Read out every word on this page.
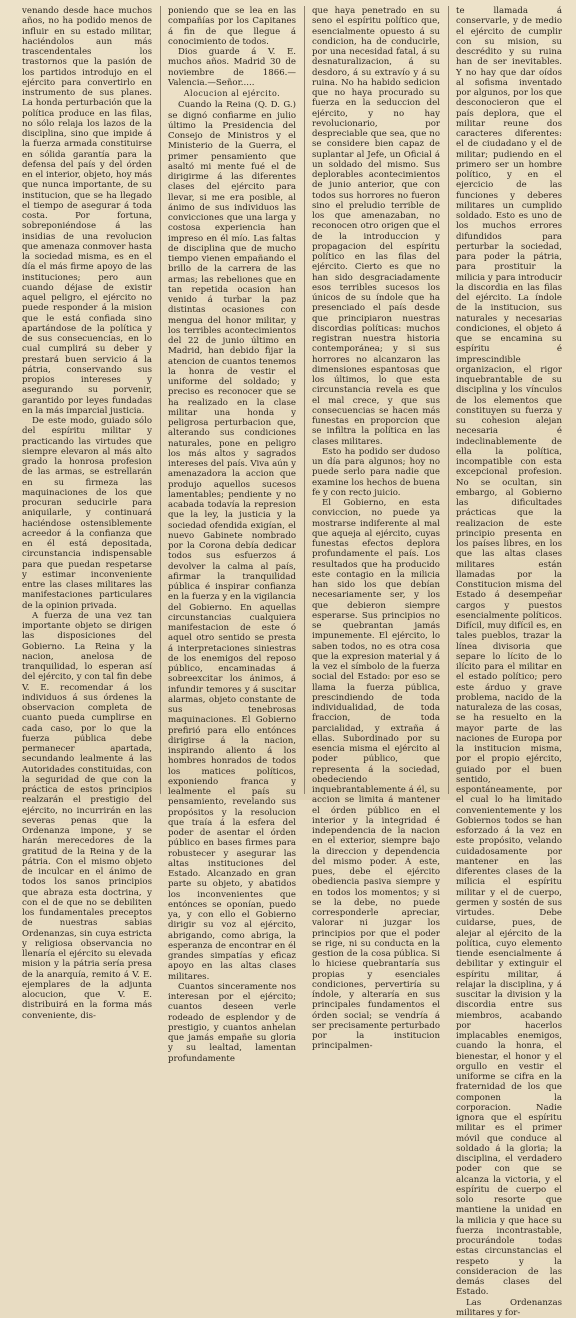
venando desde hace muchos años, no ha podido menos de influir en su estado militar, haciéndolos aun más trascendentales los trastornos que la pasión de los partidos introdujo en el ejército para convertirlo en instrumento de sus planes. La honda perturbación que la política produce en las filas, no sólo relaja los lazos de la disciplina, sino que impide á la fuerza armada constituirse en sólida garantía para la defensa del país y del órden en el interior, objeto, hoy más que nunca importante, de su institucion, que se ha llegado el tiempo de asegurar á toda costa. Por fortuna, sobreponiéndose á las insidias de una revolucion que amenaza conmover hasta la sociedad misma, es en el día el más firme apoyo de las instituciones; pero aun cuando déjase de existir aquel peligro, el ejército no puede responder á la mision que le está confiada sino apartándose de la política y de sus consecuencias, en lo cual cumplirá su deber y prestará buen servicio á la pátria, conservando sus propios intereses y asegurando su porvenir, garantido por leyes fundadas en la más imparcial justicia.

De este modo, guiado sólo del espíritu militar y practicando las virtudes que siempre elevaron al más alto grado la honrosa profesion de las armas, se estrellarán en su firmeza las maquinaciones de los que procuran seducirle para aniquilarle, y continuará haciéndose ostensiblemente acreedor á la confianza que en él está depositada, circunstancia indispensable para que puedan respetarse y estimar inconveniente entre las clases militares las manifestaciones particulares de la opinion privada.

A fuerza de una vez tan importante objeto se dirigen las disposiciones del Gobierno. La Reina y la nacion, anelosa de tranquilidad, lo esperan así del ejército, y con tal fin debe V. E. recomendar á los individuos á sus órdenes la observacion completa de cuanto pueda cumplirse en cada caso, por lo que la fuerza pública debe permanecer apartada, secundando lealmente á las Autoridades constituidas, con la seguridad de que con la práctica de estos principios realzarán el prestigio del ejército, no incurrirán en las severas penas que la Ordenanza impone, y se harán merecedores de la gratitud de la Reina y de la pátria. Con el mismo objeto de inculcar en el ánimo de todos los sanos principios que abraza esta doctrina, y con el de que no se debiliten los fundamentales preceptos de nuestras sabias Ordenanzas, sin cuya estricta y religiosa observancia no llenaría el ejército su elevada mision y la pátria sería presa de la anarquía, remito á V. E. ejemplares de la adjunta alocucion, que V. E. distribuirá en la forma más conveniente, dis-

poniendo que se lea en las compañías por los Capitanes á fin de que llegue á conocimiento de todos.

Dios guarde á V. E. muchos años. Madrid 30 de noviembre de 1866.—Valencia.—Señor.....

Alocucion al ejército.

Cuando la Reina (Q. D. G.) se dignó confiarme en julio último la Presidencia del Consejo de Ministros y el Ministerio de la Guerra, el primer pensamiento que asaltó mi mente fué el de dirigirme á las diferentes clases del ejército para llevar, si me era posible, al ánimo de sus individuos las convicciones que una larga y costosa experiencia han impreso en él mío. Las faltas de disciplina que de mucho tiempo vienen empañando el brillo de la carrera de las armas; las rebeliones que en tan repetida ocasion han venido á turbar la paz distintas ocasiones con mengua del honor militar, y los terribles acontecimientos del 22 de junio último en Madrid, han debido fijar la atencion de cuantos tenemos la honra de vestir el uniforme del soldado; y preciso es reconocer que se ha realizado en la clase militar una honda y peligrosa perturbacion que, alterando sus condiciones naturales, pone en peligro los más altos y sagrados intereses del país. Viva aún y amenazadora la accion que produjo aquellos sucesos lamentables; pendiente y no acabada todavía la represion que la ley, la justicia y la sociedad ofendida exigían, el nuevo Gabinete nombrado por la Corona debía dedicar todos sus esfuerzos á devolver la calma al país, afirmar la tranquilidad pública é inspirar confianza en la fuerza y en la vigilancia del Gobierno. En aquellas circunstancias cualquiera manifestacion de este ó aquel otro sentido se presta á interpretaciones siniestras de los enemigos del reposo público, encaminadas á sobreexcitar los ánimos, á infundir temores y á suscitar alarmas, objeto constante de sus tenebrosas maquinaciones. El Gobierno prefirió para ello entónces dirigirse á la nacion, inspirando aliento á los hombres honrados de todos los matices políticos, exponiendo franca y lealmente el país su pensamiento, revelando sus propósitos y la resolucion que traía á la esfera del poder de asentar el órden público en bases firmes para robustecer y asegurar las altas instituciones del Estado. Alcanzado en gran parte su objeto, y abatidos los inconvenientes que entónces se oponían, puedo ya, y con ello el Gobierno dirigir su voz al ejército, abrigando, como abriga, la esperanza de encontrar en él grandes simpatías y eficaz apoyo en las altas clases militares.

Cuantos sinceramente nos interesan por el ejército; cuantos deseen verle rodeado de esplendor y de prestigio, y cuantos anhelan que jamás empañe su gloria y su lealtad, lamentan profundamente

que haya penetrado en su seno el espíritu político que, esencialmente opuesto á su condicion, ha de conducirle, por una necesidad fatal, á su desnaturalizacion, á su desdoro, á su extravío y á su ruina. No ha habido sedicion que no haya procurado su fuerza en la seduccion del ejército, y no hay revolucionario, por despreciable que sea, que no se considere bien capaz de suplantar al Jefe, un Oficial á un soldado del mismo. Sus deplorables acontecimientos de junio anterior, que con todos sus horrores no fueron sino el preludio terrible de los que amenazaban, no reconocen otro origen que el de la introduccion y propagacion del espíritu político en las filas del ejército. Cierto es que no han sido desgraciadamente esos terribles sucesos los únicos de su índole que ha presenciado el país desde que principiaron nuestras discordias políticas: muchos registran nuestra historia contemporánea; y si sus horrores no alcanzaron las dimensiones espantosas que los últimos, lo que esta circunstancia revela es que el mal crece, y que sus consecuencias se hacen más funestas en proporcion que se infiltra la política en las clases militares.

Esto ha podido ser dudoso un día para algunos; hoy no puede serlo para nadie que examine los hechos de buena fe y con recto juicio.

El Gobierno, en esta conviccion, no puede ya mostrarse indiferente al mal que aqueja al ejército, cuyas funestas efectos deplora profundamente el país. Los resultados que ha producido este contagio en la milicia han sido los que debían necesariamente ser, y los que debieron siempre esperarse. Sus principios no se quebrantan jamás impunemente. El ejército, lo saben todos, no es otra cosa que la expresion material y á la vez el símbolo de la fuerza social del Estado: por eso se llama la fuerza pública, prescindiendo de toda individualidad, de toda fraccion, de toda parcialidad, y extraña á ellas. Subordinado por su esencia misma el ejército al poder público, que representa á la sociedad, obedeciendo inquebrantablemente á él, su accion se limita á mantener el órden público en el interior y la integridad é independencia de la nacion en el exterior, siempre bajo la direccion y dependencia del mismo poder. Á este, pues, debe el ejército obediencia pasiva siempre y en todos los momentos; y si se la debe, no puede corresponderle apreciar, valorar ni juzgar los principios por que el poder se rige, ni su conducta en la gestion de la cosa pública. Si lo hiciese quebrantaría sus propias y esenciales condiciones, pervertiría su índole, y alteraría en sus principales fundamentos el órden social; se vendría á ser precisamente perturbado por la institucion principalmen-

te llamada á conservarle, y de medio el ejército de cumplir con su mision, su descrédito y su ruina han de ser inevitables. Y no hay que dar oídos al sofisma inventado por algunos, por los que desconocieron que el país deplora, que el militar reune dos caracteres diferentes: el de ciudadano y el de militar; pudiendo en el primero ser un hombre político, y en el ejercicio de las funciones y deberes militares un cumplido soldado. Esto es uno de los muchos errores difundidos para perturbar la sociedad, para poder la pátria, para prostituir la milicia y para introducir la discordia en las filas del ejército. La índole de la institucion, sus naturales y necesarias condiciones, el objeto á que se encamina su espíritu é imprescindible organizacion, el rigor inquebrantable de su disciplina y los vínculos de los elementos que constituyen su fuerza y su cohesion alejan necesaria é indeclinablemente de ella la política, incompatible con esta excepcional profesion. No se ocultan, sin embargo, al Gobierno las dificultades prácticas que la realizacion de este principio presenta en los países libres, en los que las altas clases militares están llamadas por la Constitucion misma del Estado á desempeñar cargos y puestos esencialmente políticos. Difícil, muy difícil es, en tales pueblos, trazar la línea divisoria que separe lo lícito de lo ilícito para el militar en el estado político; pero este árduo y grave problema, nacido de la naturaleza de las cosas, se ha resuelto en la mayor parte de las naciones de Europa por la institucion misma, por el propio ejército, guiado por el buen sentido, espontáneamente, por el cual lo ha limitado convenientemente y los Gobiernos todos se han esforzado á la vez en este propósito, velando cuidadosamente por mantener en las diferentes clases de la milicia el espíritu militar y el de cuerpo, germen y sostén de sus virtudes. Debe cuidarse, pues, de alejar al ejército de la política, cuyo elemento tiende esencialmente á debilitar y extinguir el espíritu militar, á relajar la disciplina, y á suscitar la division y la discordia entre sus miembros, acabando por hacerlos implacables enemigos, cuando la honra, el bienestar, el honor y el orgullo en vestir el uniforme se cifra en la fraternidad de los que componen la corporacion. Nadie ignora que el espíritu militar es el primer móvil que conduce al soldado á la gloria; la disciplina, el verdadero poder con que se alcanza la victoria, y el espíritu de cuerpo el solo resorte que mantiene la unidad en la milicia y que hace su fuerza incontrastable, procurándole todas estas circunstancias el respeto y la consideracion de las demás clases del Estado.

Las Ordenanzas militares y for-
